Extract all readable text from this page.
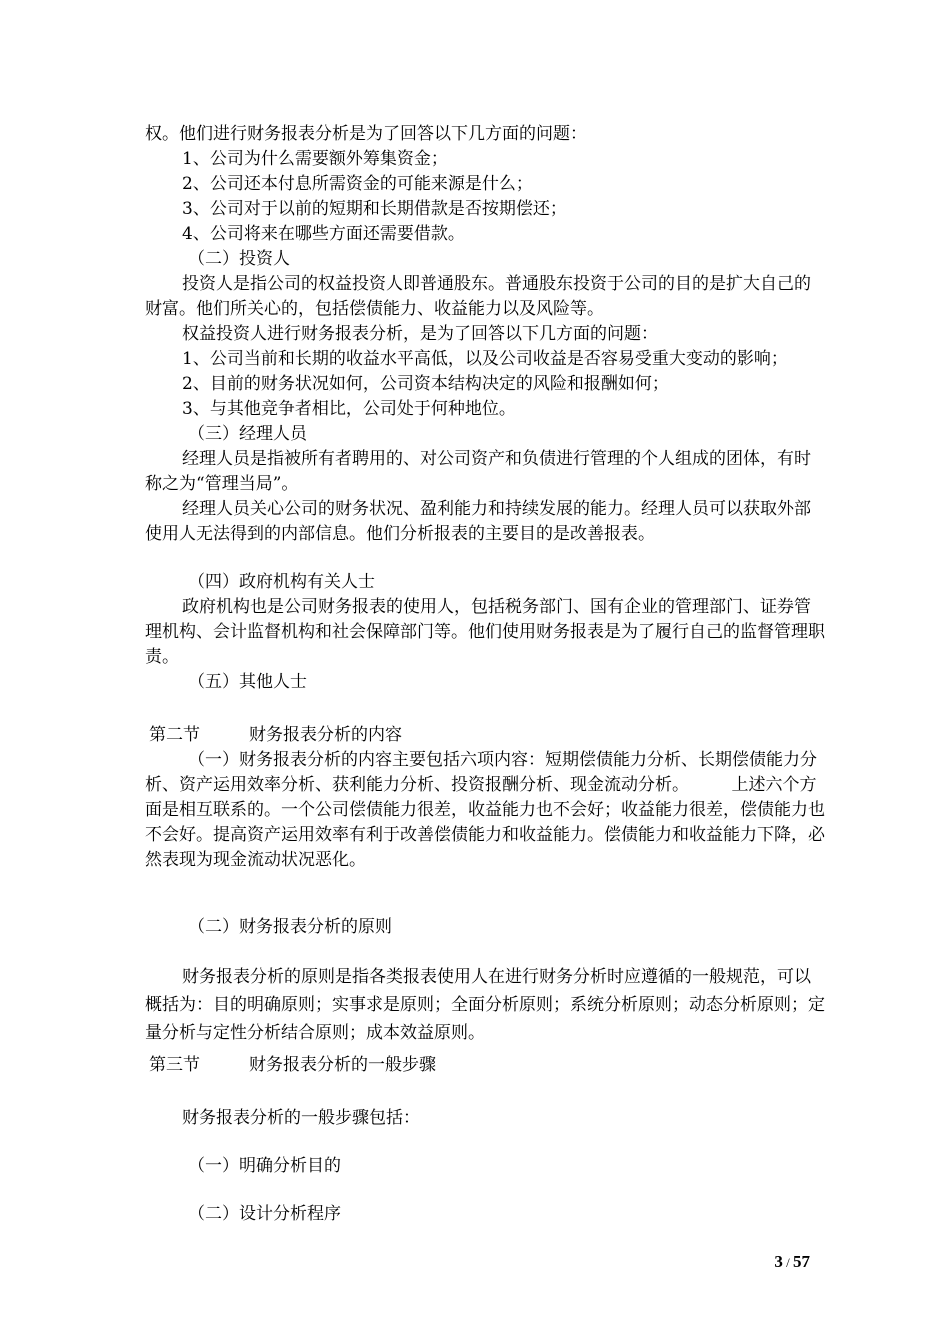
权。他们进行财务报表分析是为了回答以下几方面的问题：

1、公司为什么需要额外筹集资金；

2、公司还本付息所需资金的可能来源是什么；

3、公司对于以前的短期和长期借款是否按期偿还；

4、公司将来在哪些方面还需要借款。

（二）投资人

投资人是指公司的权益投资人即普通股东。普通股东投资于公司的目的是扩大自己的财富。他们所关心的，包括偿债能力、收益能力以及风险等。

权益投资人进行财务报表分析，是为了回答以下几方面的问题：

1、公司当前和长期的收益水平高低，以及公司收益是否容易受重大变动的影响；

2、目前的财务状况如何，公司资本结构决定的风险和报酬如何；

3、与其他竞争者相比，公司处于何种地位。

（三）经理人员

经理人员是指被所有者聘用的、对公司资产和负债进行管理的个人组成的团体，有时称之为“管理当局”。

经理人员关心公司的财务状况、盈利能力和持续发展的能力。经理人员可以获取外部使用人无法得到的内部信息。他们分析报表的主要目的是改善报表。

（四）政府机构有关人士

政府机构也是公司财务报表的使用人，包括税务部门、国有企业的管理部门、证券管理机构、会计监督机构和社会保障部门等。他们使用财务报表是为了履行自己的监督管理职责。

（五）其他人士

第二节	财务报表分析的内容

（一）财务报表分析的内容主要包括六项内容：短期偿债能力分析、长期偿债能力分析、资产运用效率分析、获利能力分析、投资报酬分析、现金流动分析。　　　上述六个方面是相互联系的。一个公司偿债能力很差，收益能力也不会好；收益能力很差，偿债能力也不会好。提高资产运用效率有利于改善偿债能力和收益能力。偿债能力和收益能力下降，必然表现为现金流动状况恶化。

（二）财务报表分析的原则

财务报表分析的原则是指各类报表使用人在进行财务分析时应遵循的一般规范，可以概括为：目的明确原则；实事求是原则；全面分析原则；系统分析原则；动态分析原则；定量分析与定性分析结合原则；成本效益原则。

第三节	财务报表分析的一般步骤

财务报表分析的一般步骤包括：

（一）明确分析目的

（二）设计分析程序

3 / 57
